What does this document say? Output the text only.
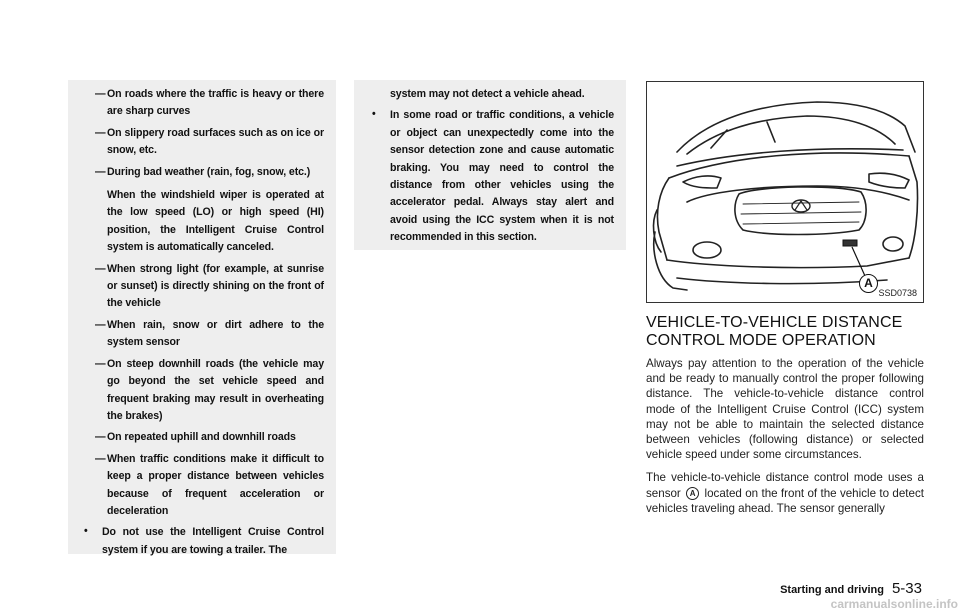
— On roads where the traffic is heavy or there are sharp curves
— On slippery road surfaces such as on ice or snow, etc.
— During bad weather (rain, fog, snow, etc.)
When the windshield wiper is operated at the low speed (LO) or high speed (HI) position, the Intelligent Cruise Control system is automatically canceled.
— When strong light (for example, at sunrise or sunset) is directly shining on the front of the vehicle
— When rain, snow or dirt adhere to the system sensor
— On steep downhill roads (the vehicle may go beyond the set vehicle speed and frequent braking may result in overheating the brakes)
— On repeated uphill and downhill roads
— When traffic conditions make it difficult to keep a proper distance between vehicles because of frequent acceleration or deceleration
• Do not use the Intelligent Cruise Control system if you are towing a trailer. The
system may not detect a vehicle ahead.
• In some road or traffic conditions, a vehicle or object can unexpectedly come into the sensor detection zone and cause automatic braking. You may need to control the distance from other vehicles using the accelerator pedal. Always stay alert and avoid using the ICC system when it is not recommended in this section.
A
SSD0738
VEHICLE-TO-VEHICLE DISTANCE
CONTROL MODE OPERATION

Always pay attention to the operation of the vehicle and be ready to manually control the proper following distance. The vehicle-to-vehicle distance control mode of the Intelligent Cruise Control (ICC) system may not be able to maintain the selected distance between vehicles (following distance) or selected vehicle speed under some circumstances.

The vehicle-to-vehicle distance control mode uses a sensor A located on the front of the vehicle to detect vehicles traveling ahead. The sensor generally

Starting and driving 5-33
carmanualsonline.info
